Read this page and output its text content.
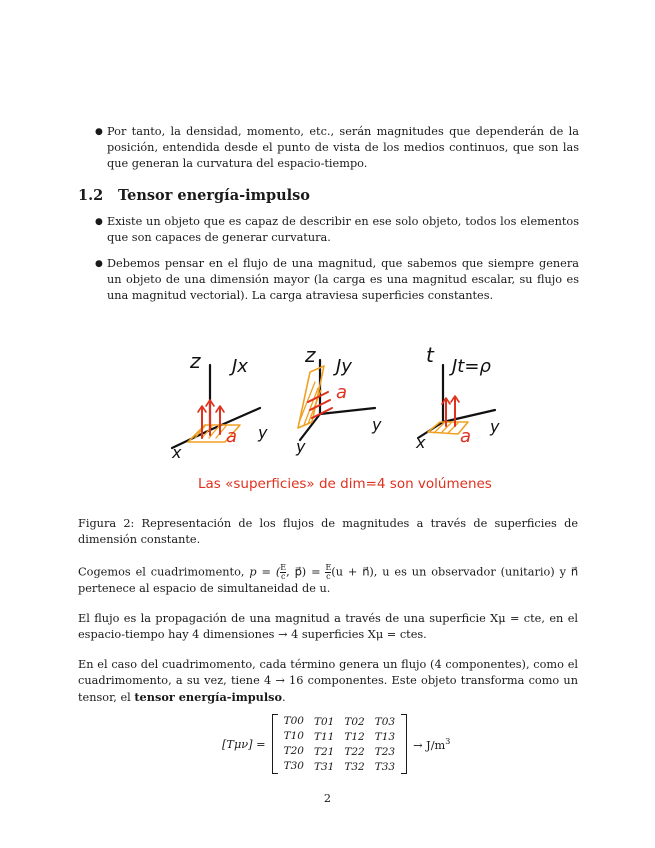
● Por tanto, la densidad, momento, etc., serán magnitudes que dependerán de la posición, entendida desde el punto de vista de los medios continuos, que son las que generan la curvatura del espacio-tiempo.
1.2 Tensor energía-impulso
● Existe un objeto que es capaz de describir en ese solo objeto, todos los elementos que son capaces de generar curvatura.
● Debemos pensar en el flujo de una magnitud, que sabemos que siempre genera un objeto de una dimensión mayor (la carga es una magnitud escalar, su flujo es una magnitud vectorial). La carga atraviesa superficies constantes.
z Jx
x
y
a
z Jy
a
y
y
t Jt=ρ
x a y
Las «superficies» de dim=4 son volúmenes
Figura 2: Representación de los flujos de magnitudes a través de superficies de dimensión constante.
Cogemos el cuadrimomento, p = ( $\frac{E}{c}$ , p⃗) = $\frac{E}{c} (u$ + n⃗), u es un observador (unitario) y n⃗ pertenece al espacio de simultaneidad de u.
El flujo es la propagación de una magnitud a través de una superficie Xμ = cte, en el espacio-tiempo hay 4 dimensiones → 4 superficies Xμ = ctes.
En el caso del cuadrimomento, cada término genera un flujo (4 componentes), como el cuadrimomento, a su vez, tiene 4 → 16 componentes. Este objeto transforma como un tensor, el tensor energía-impulso.
[Tμν] =
T00	T01	T02	T03
T10	T11	T12	T13
T20	T21	T22	T23
T30	T31	T32	T33
→ $J/m^3$
2
